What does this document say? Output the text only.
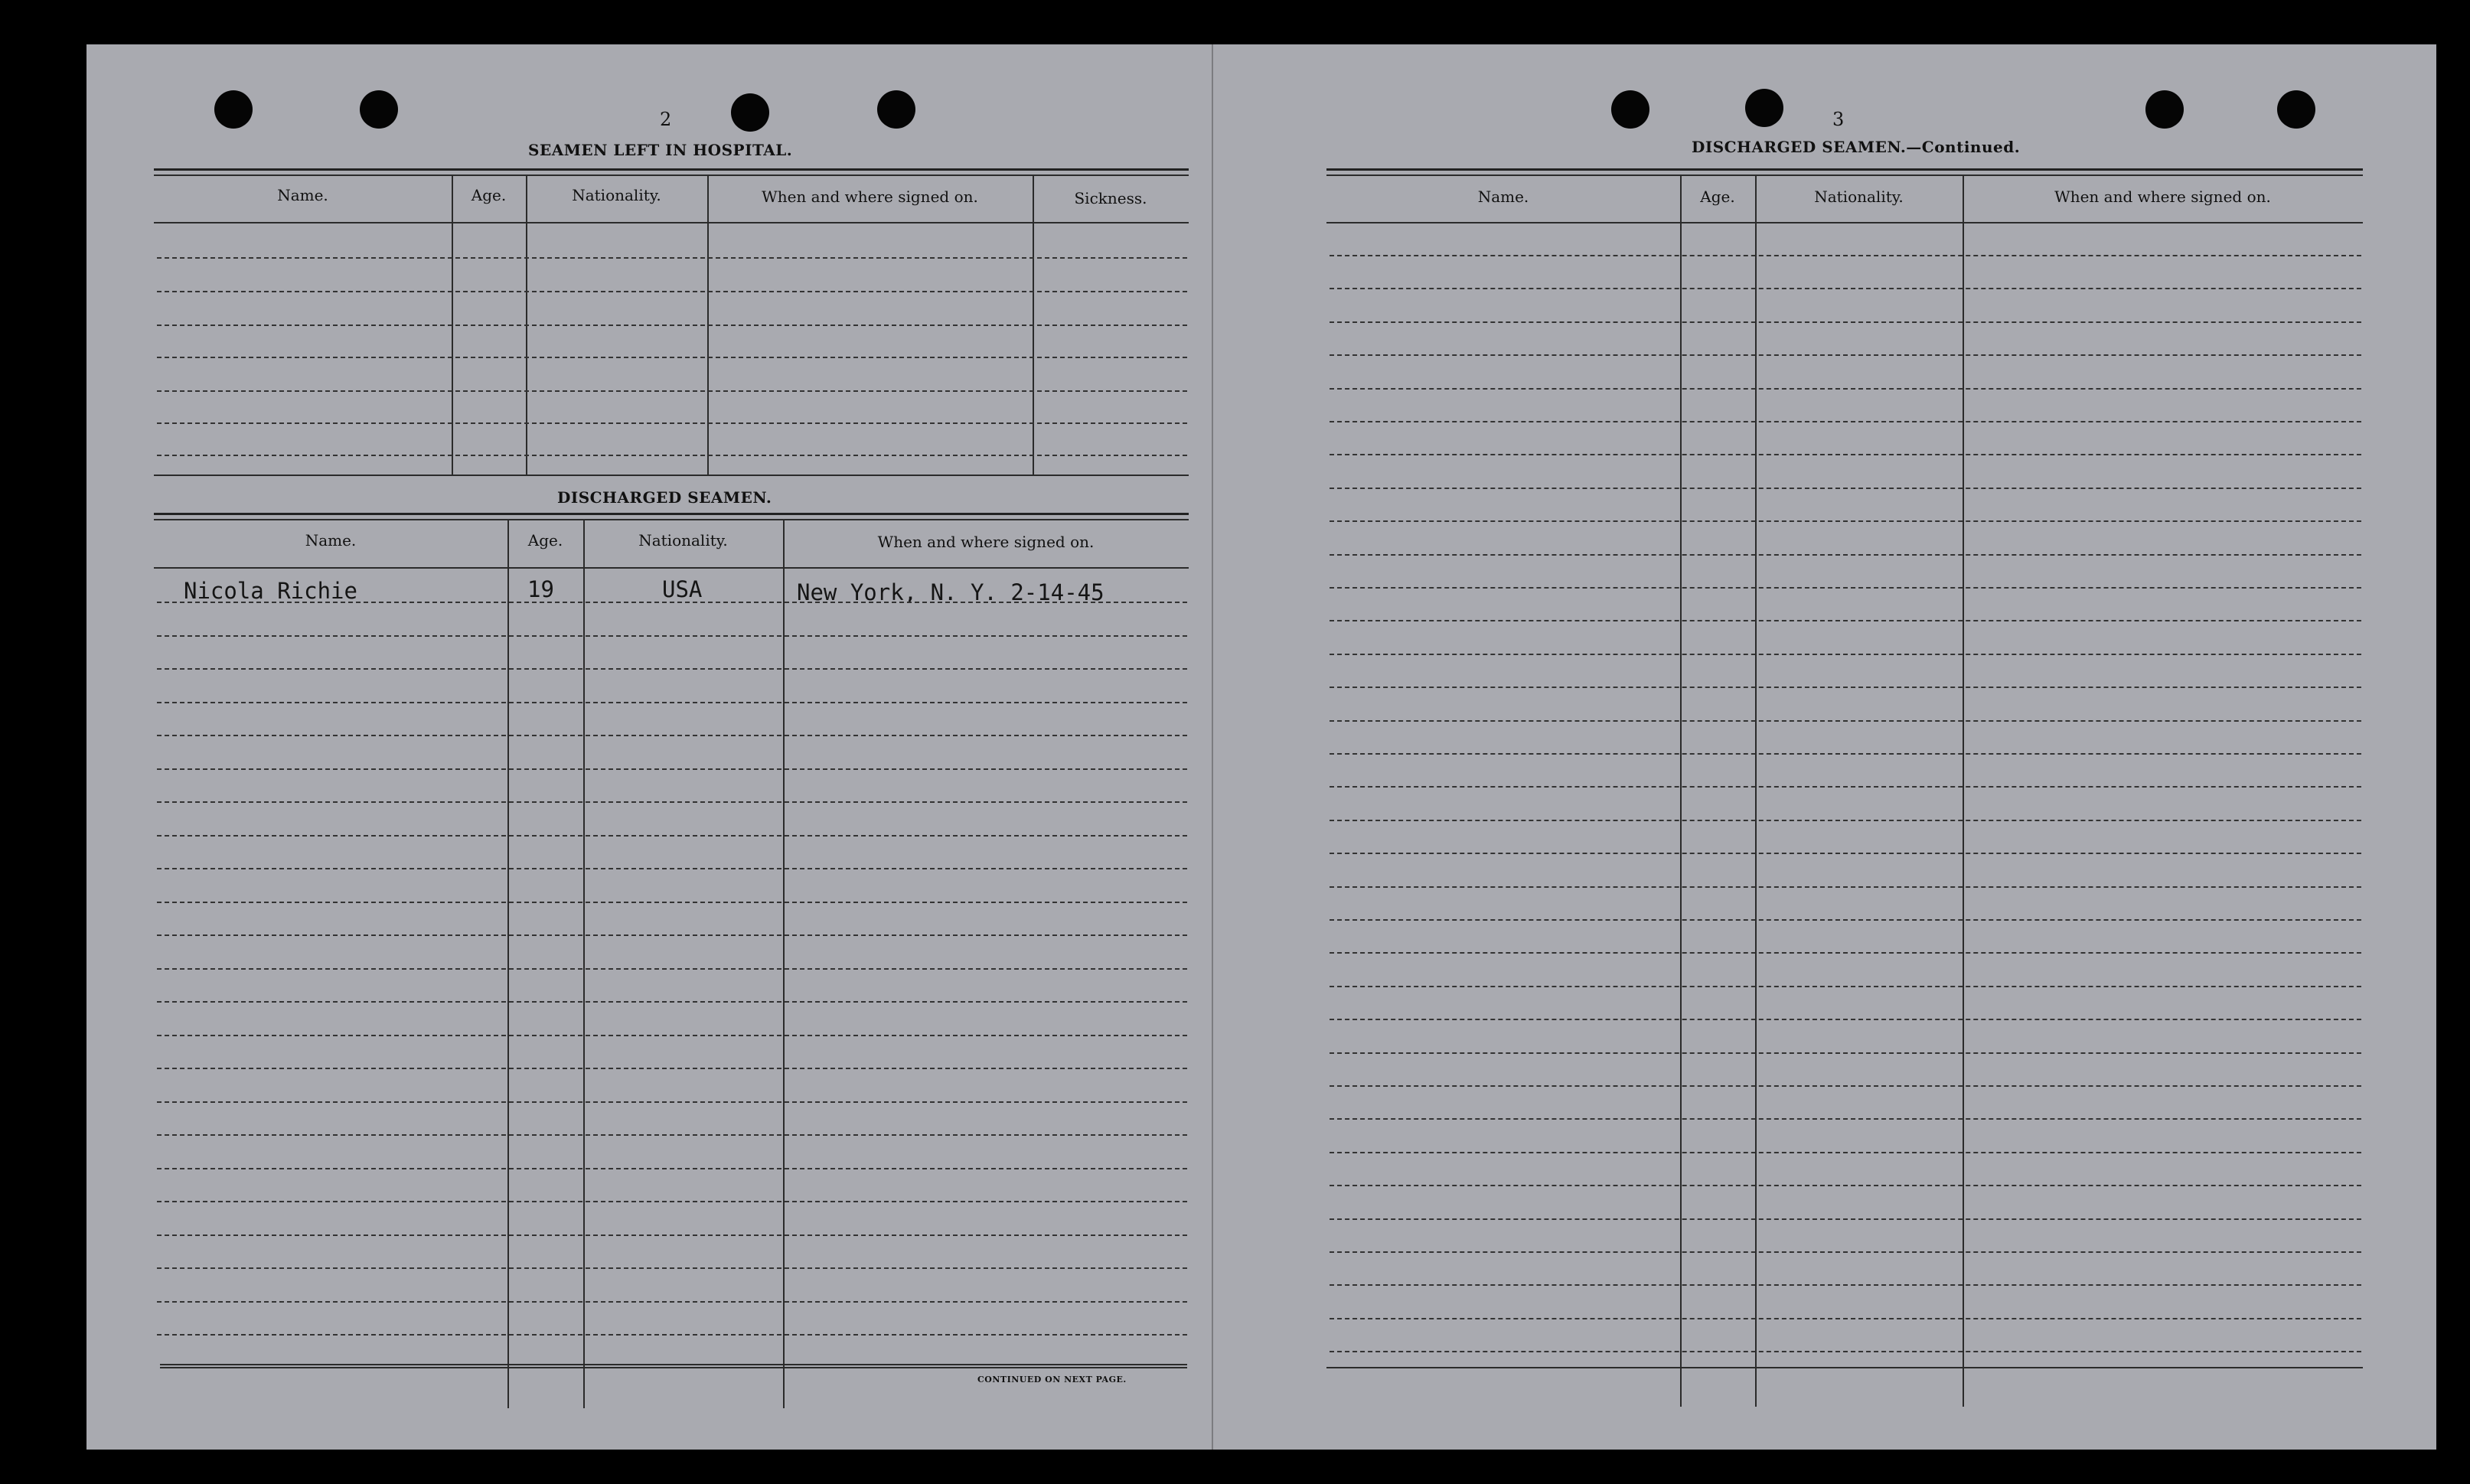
2
SEAMEN LEFT IN HOSPITAL.
Name.	Age.	Nationality.	When and where signed on.	Sickness.
DISCHARGED SEAMEN.
Name.	Age.	Nationality.	When and where signed on.
Nicola Richie	19	USA	New York, N. Y. 2-14-45
CONTINUED ON NEXT PAGE.
3
DISCHARGED SEAMEN.—Continued.
Name.	Age.	Nationality.	When and where signed on.
